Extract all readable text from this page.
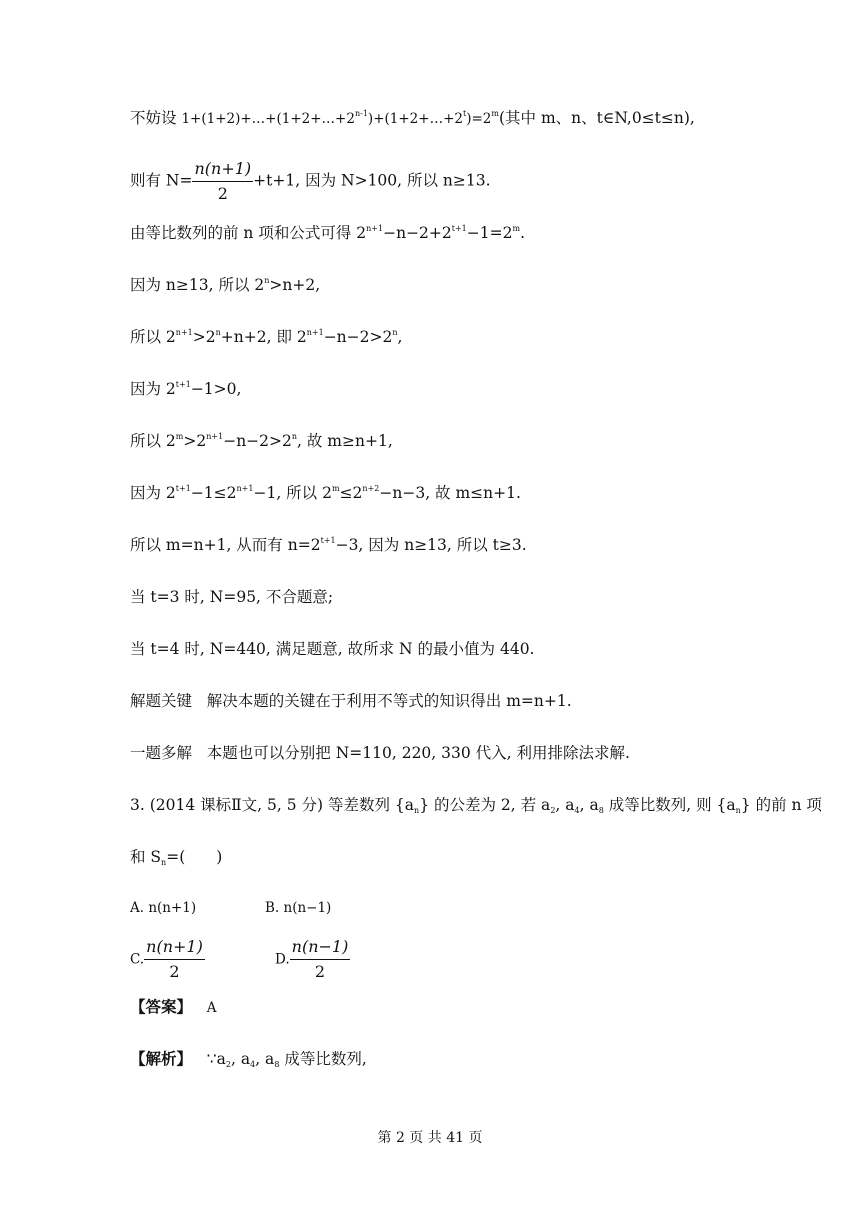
不妨设 $1+(1+2)+\dots+(1+2+\dots+2^{n-1})+(1+2+\dots+2^t)=2^m$(其中 m、n、t∈N,0≤t≤n),
则有 $N= \frac{n(n+1)}{2} +t+1$, 因为 N>100, 所以 n≥13.
由等比数列的前 n 项和公式可得 $2^{n+1}-n-2+2^{t+1}-1=2^m$.
因为 n≥13, 所以 $2^n>n+2$,
所以 $2^{n+1}>2^n+n+2$, 即 $2^{n+1}-n-2>2^n$,
因为 $2^{t+1}-1>0$,
所以 $2^m>2^{n+1}-n-2>2^n$, 故 m≥n+1,
因为 $2^{t+1}-1\le 2^{n+1}-1$, 所以 $2^m\le 2^{n+2}-n-3$, 故 m≤n+1.
所以 m=n+1, 从而有 $n=2^{t+1}-3$, 因为 n≥13, 所以 t≥3.
当 t=3 时, N=95, 不合题意;
当 t=4 时, N=440, 满足题意, 故所求 N 的最小值为 440.
解题关键 解决本题的关键在于利用不等式的知识得出 m=n+1.
一题多解 本题也可以分别把 N=110, 220, 330 代入, 利用排除法求解.
3. (2014 课标Ⅱ文, 5, 5 分) 等差数列 $\{a_n\}$ 的公差为 2, 若 $a_2$, $a_4$, $a_8$ 成等比数列, 则 $\{a_n\}$ 的前 n 项
和 $S_n=$(　　)
A. n(n+1)	B. n(n−1)
C. $\frac{n(n+1)}{2}$	D. $\frac{n(n-1)}{2}$
【答案】 A
【解析】 $\because a_2$, $a_4$, $a_8$ 成等比数列,
第 2 页 共 41 页
